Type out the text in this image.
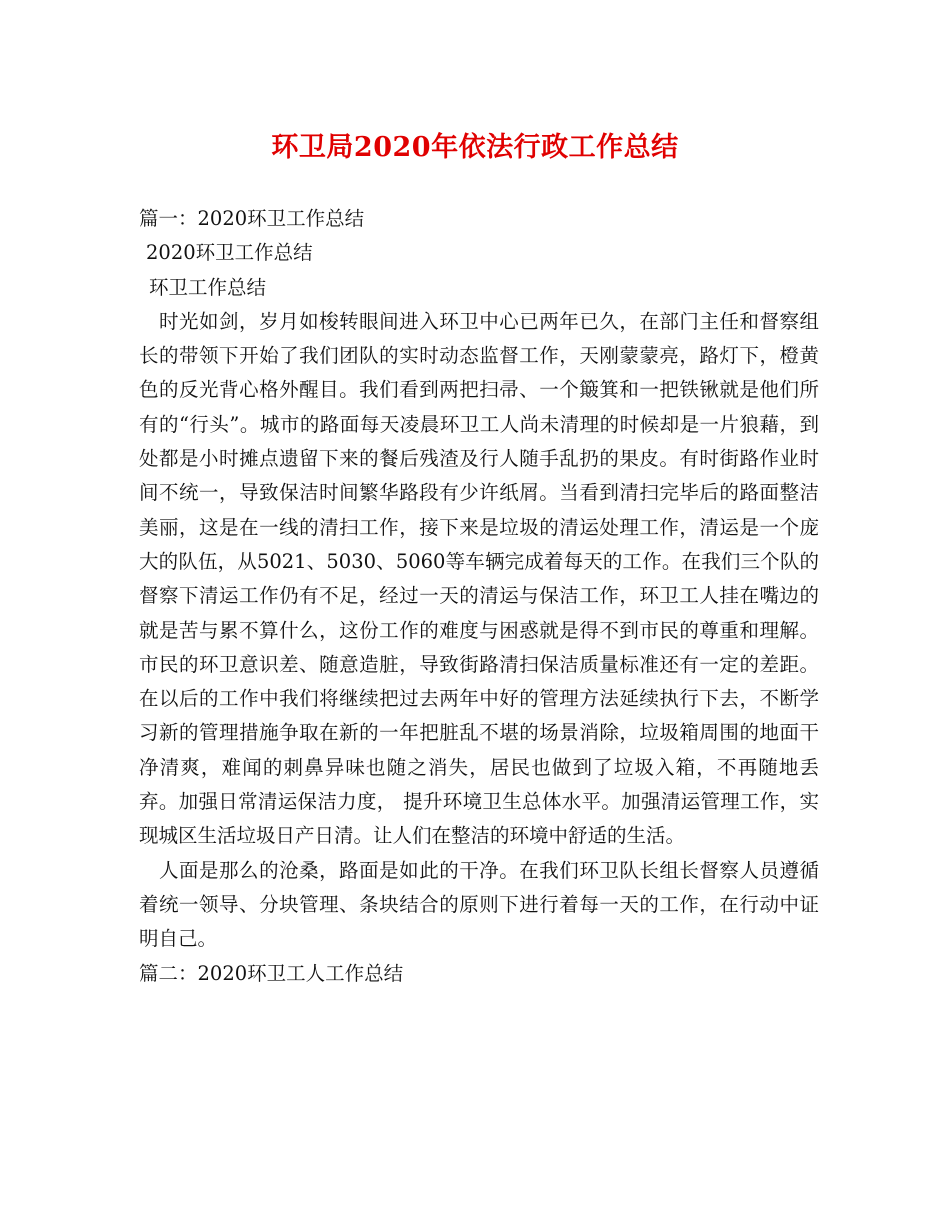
环卫局2020年依法行政工作总结

篇一：2020环卫工作总结

2020环卫工作总结

环卫工作总结

时光如剑，岁月如梭转眼间进入环卫中心已两年已久，在部门主任和督察组长的带领下开始了我们团队的实时动态监督工作，天刚蒙蒙亮，路灯下，橙黄色的反光背心格外醒目。我们看到两把扫帚、一个簸箕和一把铁锹就是他们所有的“行头”。城市的路面每天凌晨环卫工人尚未清理的时候却是一片狼藉，到处都是小时摊点遗留下来的餐后残渣及行人随手乱扔的果皮。有时街路作业时间不统一，导致保洁时间繁华路段有少许纸屑。当看到清扫完毕后的路面整洁美丽，这是在一线的清扫工作，接下来是垃圾的清运处理工作，清运是一个庞大的队伍，从5021、5030、5060等车辆完成着每天的工作。在我们三个队的督察下清运工作仍有不足，经过一天的清运与保洁工作，环卫工人挂在嘴边的就是苦与累不算什么，这份工作的难度与困惑就是得不到市民的尊重和理解。市民的环卫意识差、随意造脏，导致街路清扫保洁质量标准还有一定的差距。在以后的工作中我们将继续把过去两年中好的管理方法延续执行下去，不断学习新的管理措施争取在新的一年把脏乱不堪的场景消除，垃圾箱周围的地面干净清爽，难闻的刺鼻异味也随之消失，居民也做到了垃圾入箱，不再随地丢弃。加强日常清运保洁力度， 提升环境卫生总体水平。加强清运管理工作，实现城区生活垃圾日产日清。让人们在整洁的环境中舒适的生活。

人面是那么的沧桑，路面是如此的干净。在我们环卫队长组长督察人员遵循着统一领导、分块管理、条块结合的原则下进行着每一天的工作，在行动中证明自己。

篇二：2020环卫工人工作总结
